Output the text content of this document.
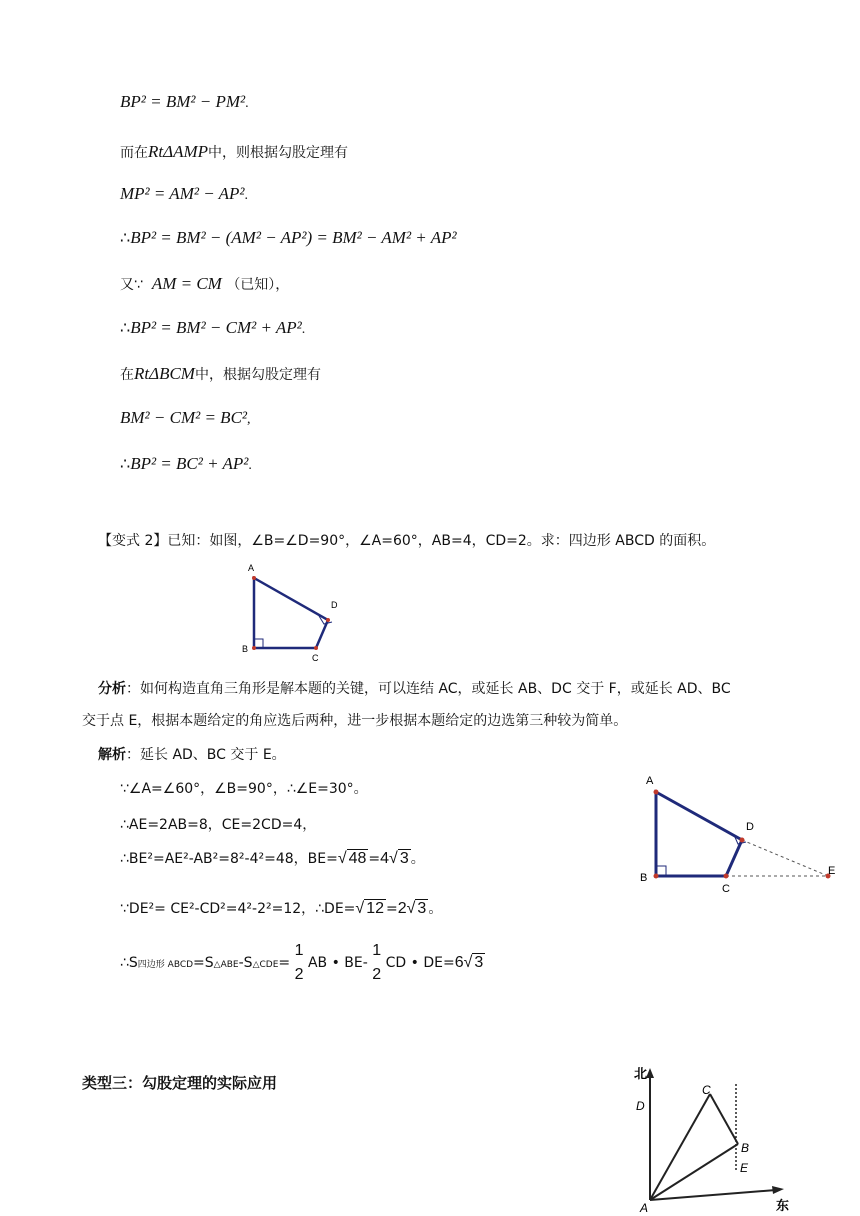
BP² = BM² − PM².
而在RtΔAMP中，则根据勾股定理有
MP² = AM² − AP².
∴BP² = BM² − (AM² − AP²) = BM² − AM² + AP²
又∵ AM = CM （已知），
∴BP² = BM² − CM² + AP².
在RtΔBCM中，根据勾股定理有
BM² − CM² = BC²,
∴BP² = BC² + AP².
【变式 2】已知：如图，∠B=∠D=90°，∠A=60°，AB=4，CD=2。求：四边形 ABCD 的面积。
A
B
C
D
分析：如何构造直角三角形是解本题的关键，可以连结 AC，或延长 AB、DC 交于 F，或延长 AD、BC
交于点 E，根据本题给定的角应选后两种，进一步根据本题给定的边选第三种较为简单。
解析：延长 AD、BC 交于 E。
∵∠A=∠60°，∠B=90°，∴∠E=30°。
∴AE=2AB=8，CE=2CD=4，
∴BE²=AE²-AB²=8²-4²=48，BE=√ 48 =4√ 3 。
∵DE²= CE²-CD²=4²-2²=12，∴DE=√ 12 =2√ 3 。
∴S四边形 ABCD=S△ABE-S△CDE=
1
2
AB • BE-
1
2
CD • DE=6√ 3
A
B
C
D
E
类型三：勾股定理的实际应用
北
东
A
B
C
D
E
